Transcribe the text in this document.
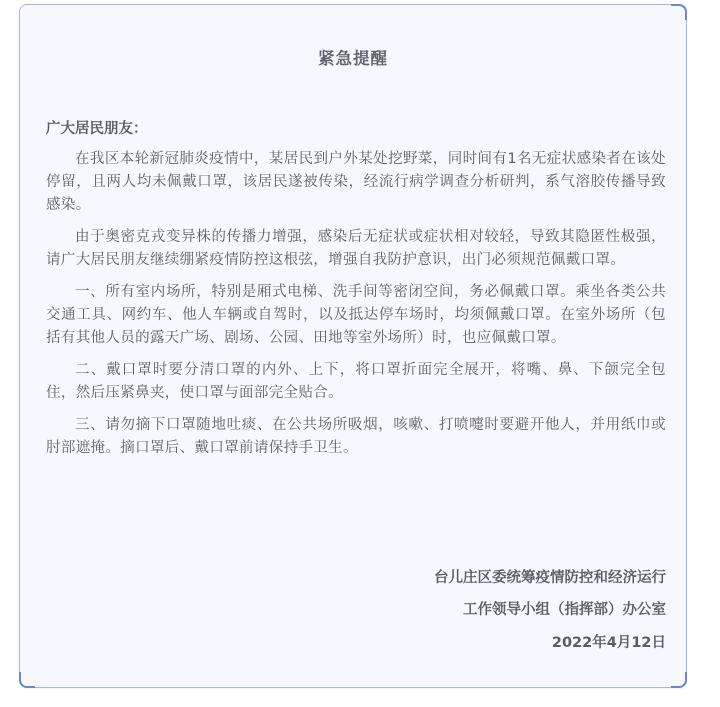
紧急提醒
广大居民朋友：

在我区本轮新冠肺炎疫情中，某居民到户外某处挖野菜，同时间有1名无症状感染者在该处停留，且两人均未佩戴口罩，该居民遂被传染，经流行病学调查分析研判，系气溶胶传播导致感染。

由于奥密克戎变异株的传播力增强，感染后无症状或症状相对较轻，导致其隐匿性极强，请广大居民朋友继续绷紧疫情防控这根弦，增强自我防护意识，出门必须规范佩戴口罩。

一、所有室内场所，特别是厢式电梯、洗手间等密闭空间，务必佩戴口罩。乘坐各类公共交通工具、网约车、他人车辆或自驾时，以及抵达停车场时，均须佩戴口罩。在室外场所（包括有其他人员的露天广场、剧场、公园、田地等室外场所）时，也应佩戴口罩。

二、戴口罩时要分清口罩的内外、上下，将口罩折面完全展开，将嘴、鼻、下颌完全包住，然后压紧鼻夹，使口罩与面部完全贴合。

三、请勿摘下口罩随地吐痰、在公共场所吸烟，咳嗽、打喷嚏时要避开他人，并用纸巾或肘部遮掩。摘口罩后、戴口罩前请保持手卫生。

台儿庄区委统筹疫情防控和经济运行
工作领导小组（指挥部）办公室
2022年4月12日
